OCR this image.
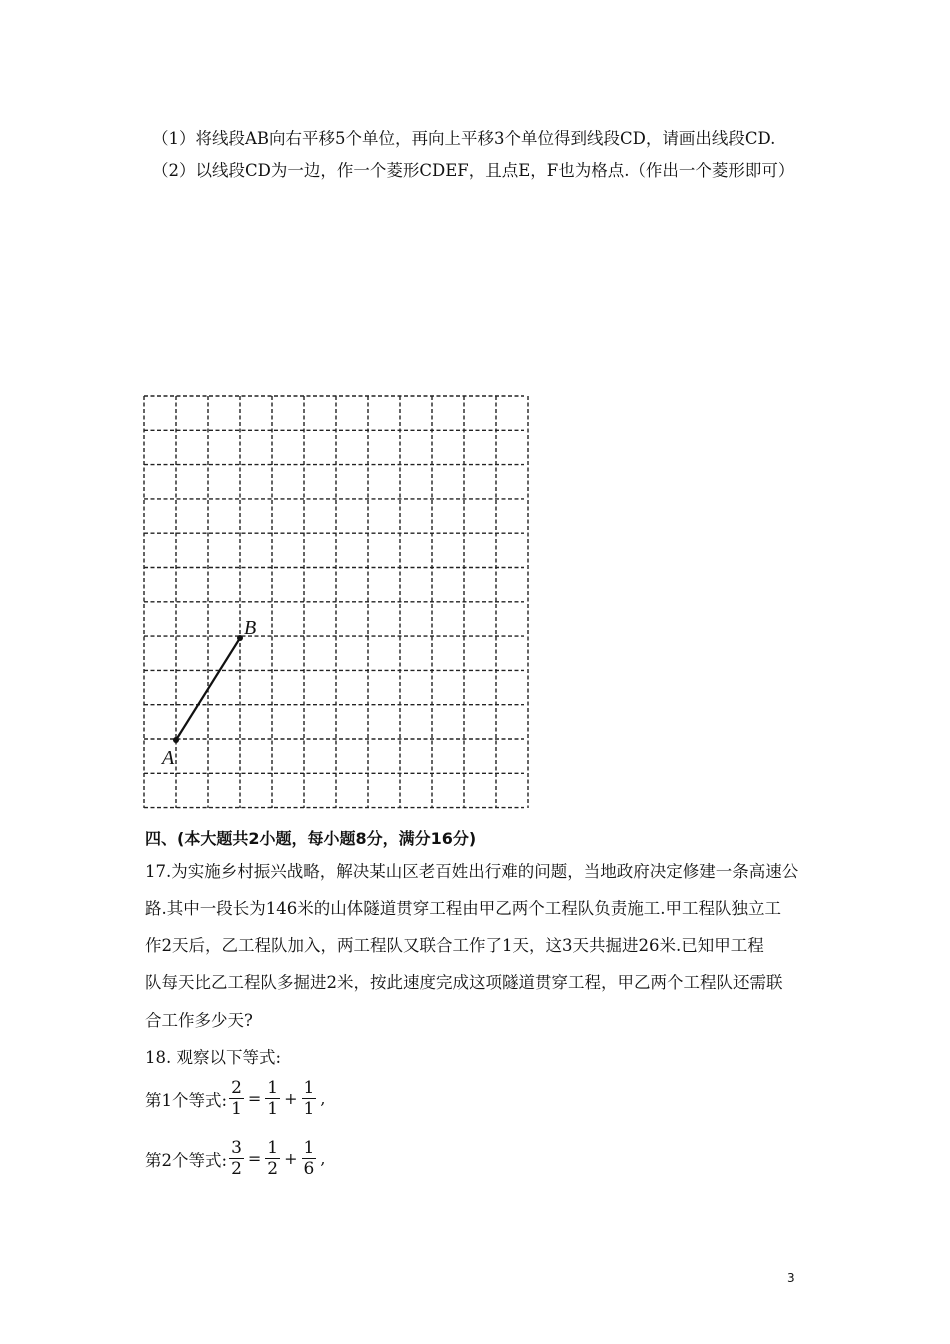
（1）将线段AB向右平移5个单位，再向上平移3个单位得到线段CD，请画出线段CD.
（2）以线段CD为一边，作一个菱形CDEF，且点E，F也为格点.（作出一个菱形即可）
A
B
四、(本大题共2小题，每小题8分，满分16分)
17.为实施乡村振兴战略，解决某山区老百姓出行难的问题，当地政府决定修建一条高速公
路.其中一段长为146米的山体隧道贯穿工程由甲乙两个工程队负责施工.甲工程队独立工
作2天后，乙工程队加入，两工程队又联合工作了1天，这3天共掘进26米.已知甲工程
队每天比乙工程队多掘进2米，按此速度完成这项隧道贯穿工程，甲乙两个工程队还需联
合工作多少天?
18. 观察以下等式:
第1个等式: $\frac{2}{1} = \frac{1}{1} + \frac{1}{1}$ ,
第2个等式: $\frac{3}{2} = \frac{1}{2} + \frac{1}{6}$ ,
3
